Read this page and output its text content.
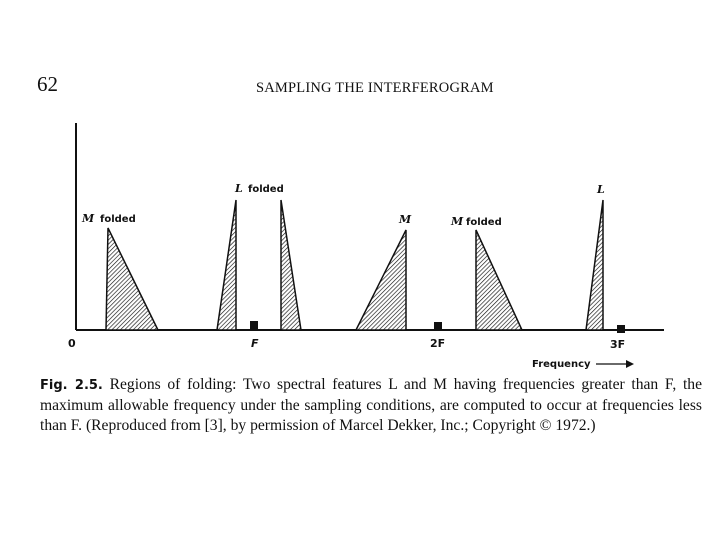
62	SAMPLING THE INTERFEROGRAM
M folded
L folded
M	M folded
L
0	F	2F	3F
Frequency
Fig. 2.5. Regions of folding: Two spectral features L and M having frequencies greater than F, the maximum allowable frequency under the sampling conditions, are computed to occur at frequencies less than F. (Reproduced from [3], by permission of Marcel Dekker, Inc.; Copyright © 1972.)
